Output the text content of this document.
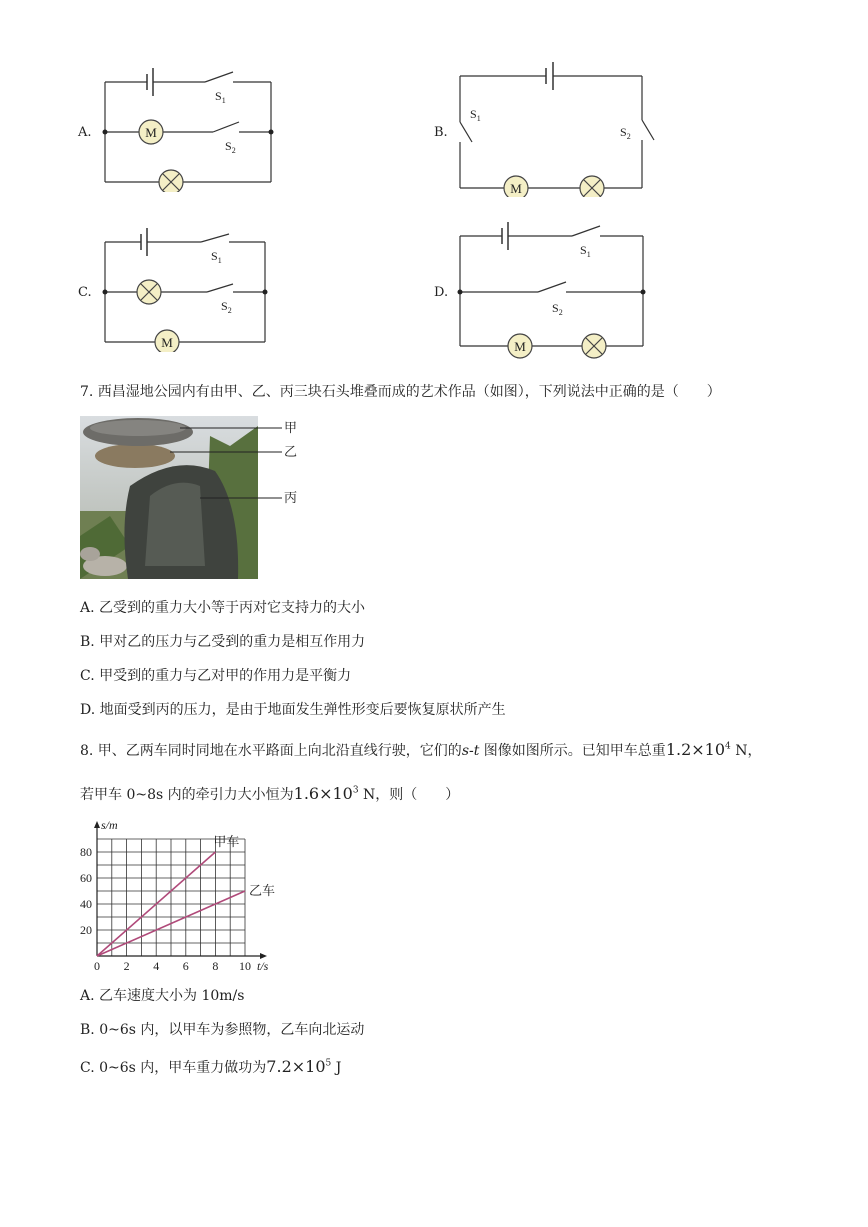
A.	M
$S_1$
$S_2$
B.
M
$S_1$
$S_2$
C.
M
$S_1$
$S_2$
D.
M
$S_1$
$S_2$
7. 西昌湿地公园内有由甲、乙、丙三块石头堆叠而成的艺术作品（如图），下列说法中正确的是（　　）
甲
乙
丙
A. 乙受到的重力大小等于丙对它支持力的大小
B. 甲对乙的压力与乙受到的重力是相互作用力
C. 甲受到的重力与乙对甲的作用力是平衡力
D. 地面受到丙的压力，是由于地面发生弹性形变后要恢复原状所产生
8. 甲、乙两车同时同地在水平路面上向北沿直线行驶，它们的s-t 图像如图所示。已知甲车总重$1.2\times 10^4$ N，
若甲车 0~8s 内的牵引力大小恒为$1.6\times 10^3$ N，则（　　）
0 2 4 6 8 10
20
40
60
80
s/m
t/s
甲车
乙车
A. 乙车速度大小为 10m/s
B. 0~6s 内，以甲车为参照物，乙车向北运动
C. 0~6s 内，甲车重力做功为$7.2\times 10^5$ J
